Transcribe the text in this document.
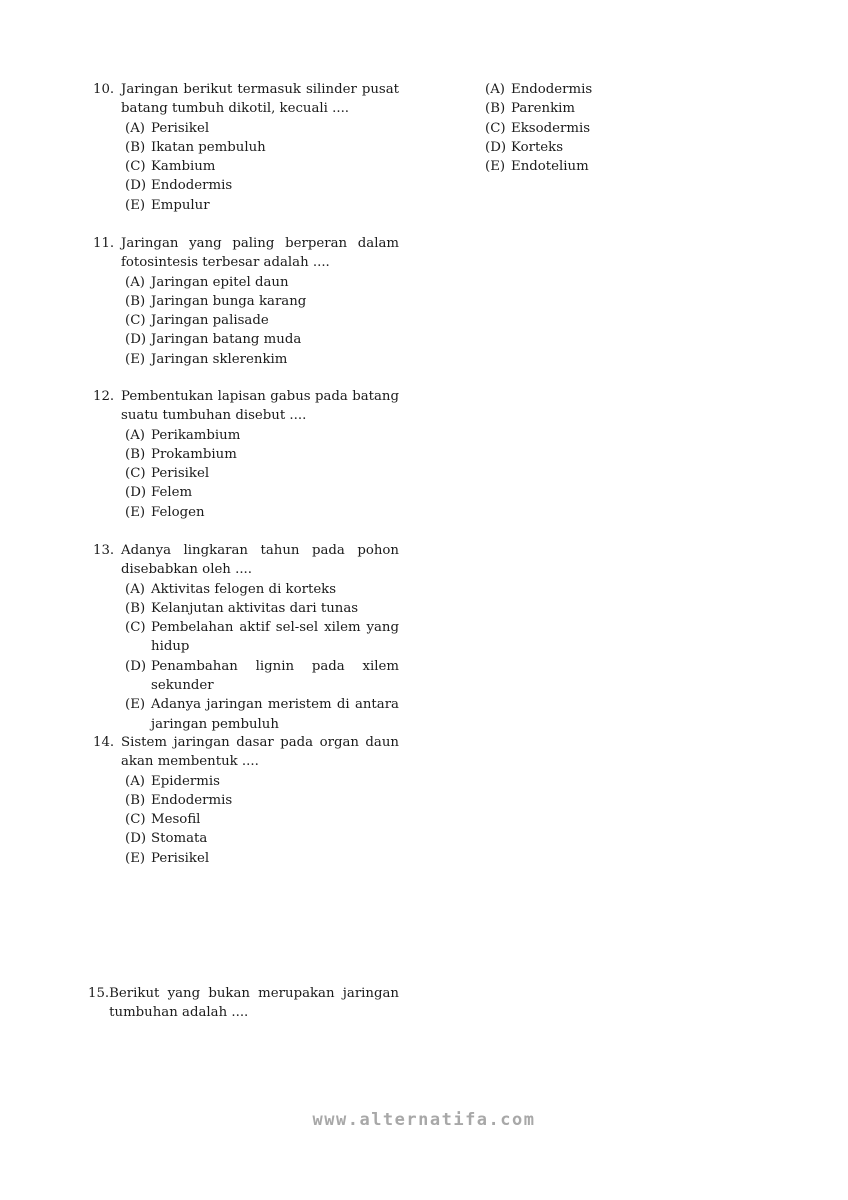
10. Jaringan berikut termasuk silinder pusat batang tumbuh dikotil, kecuali ....
(A) Perisikel
(B) Ikatan pembuluh
(C) Kambium
(D) Endodermis
(E) Empulur
11. Jaringan yang paling berperan dalam fotosintesis terbesar adalah ....
(A) Jaringan epitel daun
(B) Jaringan bunga karang
(C) Jaringan palisade
(D) Jaringan batang muda
(E) Jaringan sklerenkim
12. Pembentukan lapisan gabus pada batang suatu tumbuhan disebut ....
(A) Perikambium
(B) Prokambium
(C) Perisikel
(D) Felem
(E) Felogen
13. Adanya lingkaran tahun pada pohon disebabkan oleh ....
(A) Aktivitas felogen di korteks
(B) Kelanjutan aktivitas dari tunas
(C) Pembelahan aktif sel-sel xilem yang hidup
(D) Penambahan lignin pada xilem sekunder
(E) Adanya jaringan meristem di antara jaringan pembuluh
14. Sistem jaringan dasar pada organ daun akan membentuk ....
(A) Epidermis
(B) Endodermis
(C) Mesofil
(D) Stomata
(E) Perisikel
15. Berikut yang bukan merupakan jaringan tumbuhan adalah ....
(A) Endodermis
(B) Parenkim
(C) Eksodermis
(D) Korteks
(E) Endotelium
www.alternatifa.com
